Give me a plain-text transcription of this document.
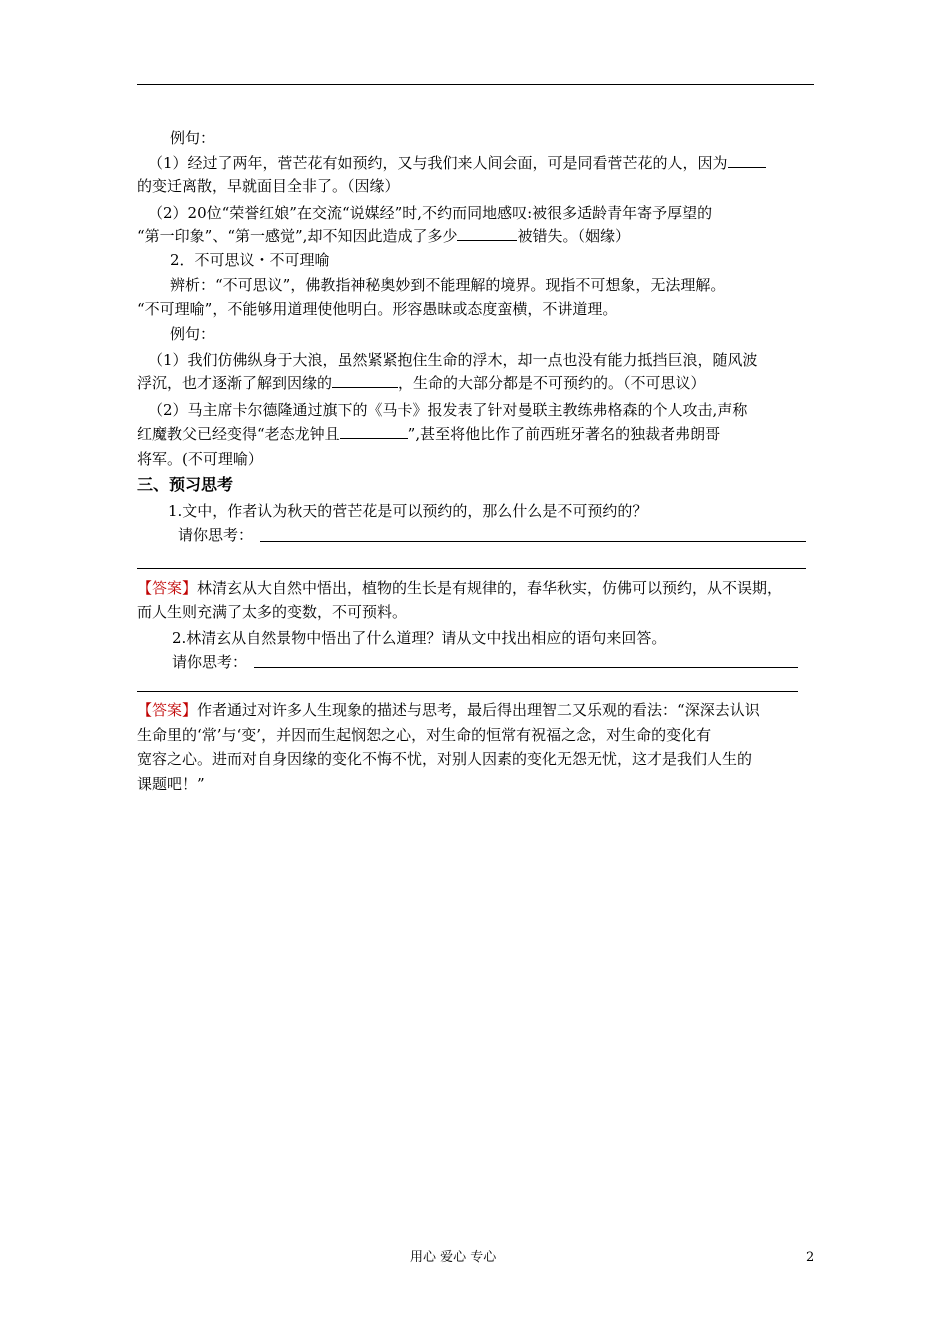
例句：
（1）经过了两年，菅芒花有如预约，又与我们来人间会面，可是同看菅芒花的人，因为
的变迁离散，早就面目全非了。（因缘）
（2）20位“荣誉红娘”在交流“说媒经”时,不约而同地感叹:被很多适龄青年寄予厚望的
“第一印象”、“第一感觉”,却不知因此造成了多少	被错失。（姻缘）
2．不可思议・不可理喻
辨析：“不可思议”，佛教指神秘奥妙到不能理解的境界。现指不可想象，无法理解。
“不可理喻”，不能够用道理使他明白。形容愚昧或态度蛮横，不讲道理。
例句：
（1）我们仿佛纵身于大浪，虽然紧紧抱住生命的浮木，却一点也没有能力抵挡巨浪，随风波
浮沉，也才逐渐了解到因缘的	，生命的大部分都是不可预约的。（不可思议）
（2）马主席卡尔德隆通过旗下的《马卡》报发表了针对曼联主教练弗格森的个人攻击,声称
红魔教父已经变得“老态龙钟且	”,甚至将他比作了前西班牙著名的独裁者弗朗哥
将军。(不可理喻）
三、预习思考
1.文中，作者认为秋天的菅芒花是可以预约的，那么什么是不可预约的？
请你思考：
【答案】林清玄从大自然中悟出，植物的生长是有规律的，春华秋实，仿佛可以预约，从不误期，
而人生则充满了太多的变数，不可预料。
2.林清玄从自然景物中悟出了什么道理？请从文中找出相应的语句来回答。
请你思考：
【答案】作者通过对许多人生现象的描述与思考，最后得出理智二又乐观的看法：“深深去认识
生命里的‘常’与‘变’，并因而生起悯恕之心，对生命的恒常有祝福之念，对生命的变化有
宽容之心。进而对自身因缘的变化不悔不忧，对别人因素的变化无怨无忧，这才是我们人生的
课题吧！”
用心 爱心 专心	2
